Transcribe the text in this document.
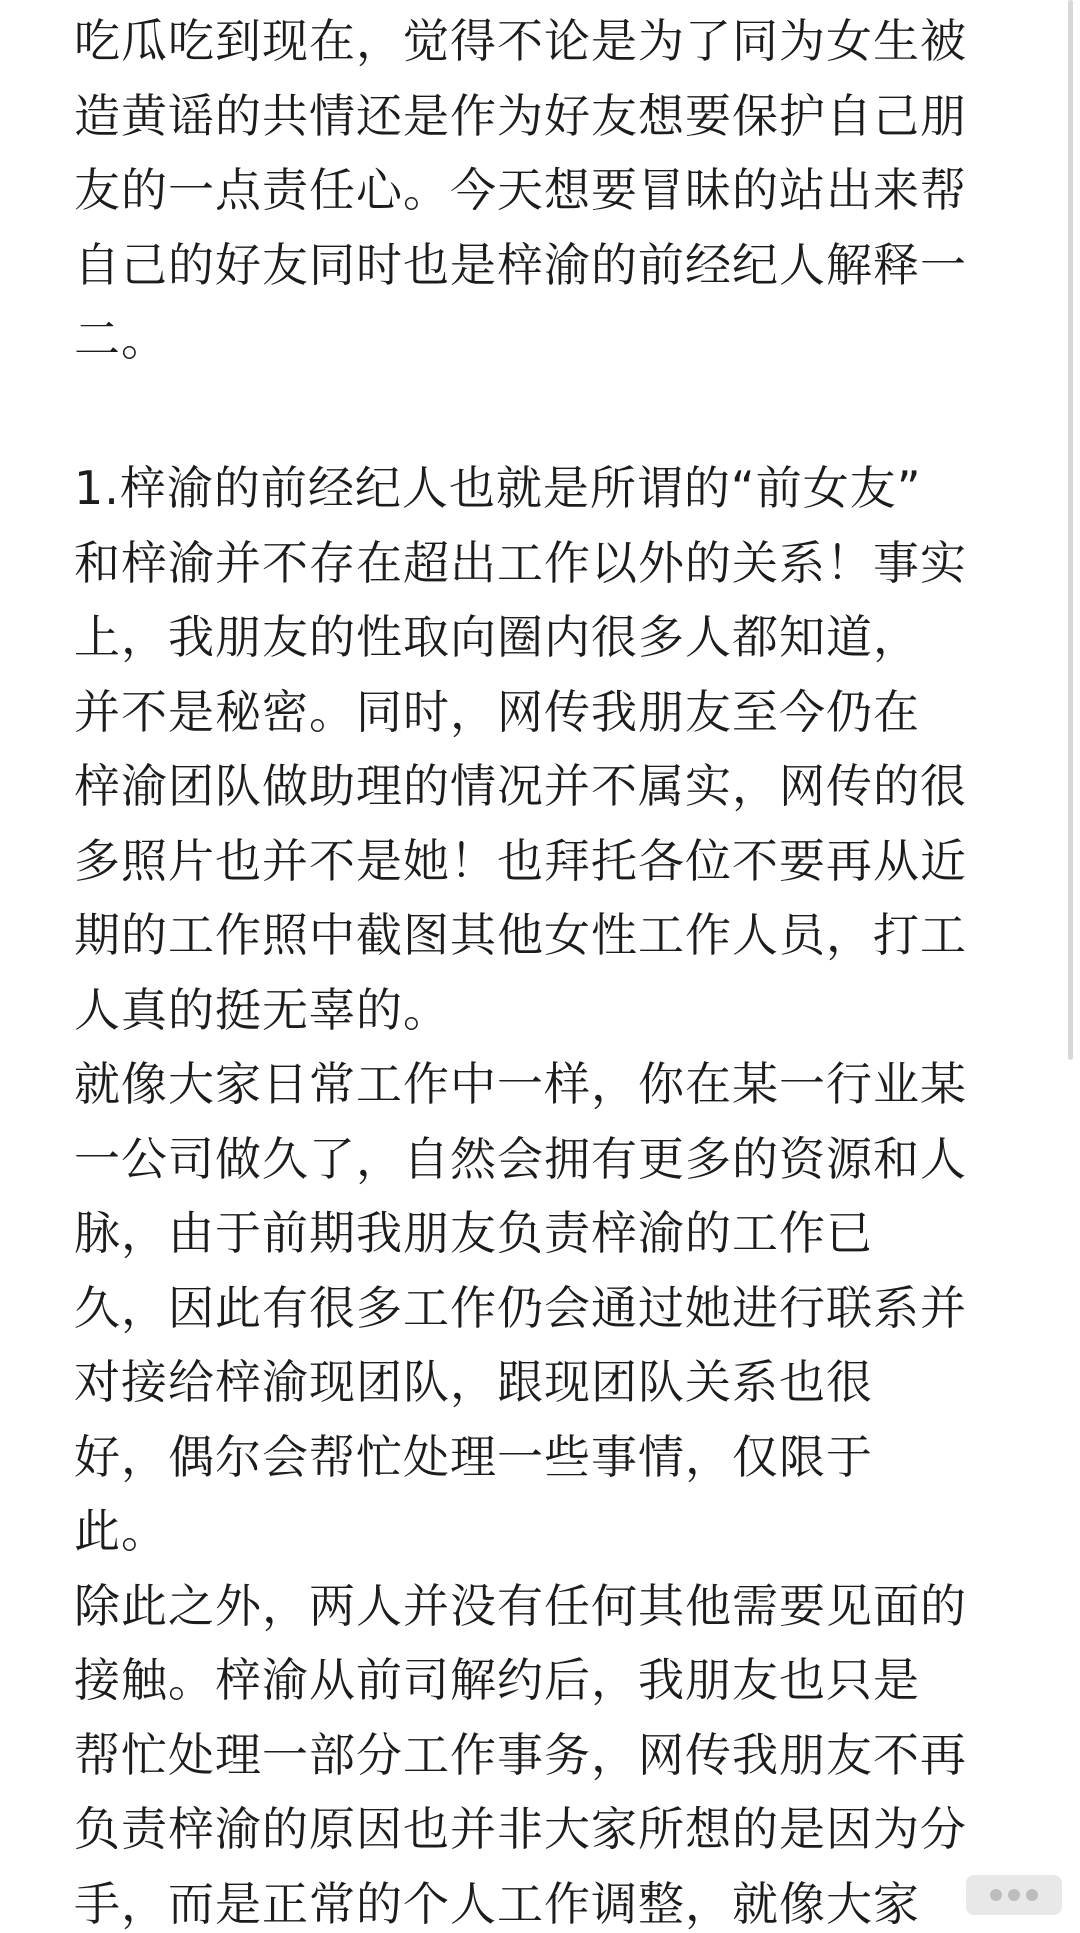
吃瓜吃到现在，觉得不论是为了同为女生被
造黄谣的共情还是作为好友想要保护自己朋
友的一点责任心。今天想要冒昧的站出来帮
自己的好友同时也是梓渝的前经纪人解释一
二。
1.梓渝的前经纪人也就是所谓的“前女友”
和梓渝并不存在超出工作以外的关系！事实
上，我朋友的性取向圈内很多人都知道，
并不是秘密。同时，网传我朋友至今仍在
梓渝团队做助理的情况并不属实，网传的很
多照片也并不是她！也拜托各位不要再从近
期的工作照中截图其他女性工作人员，打工
人真的挺无辜的。
就像大家日常工作中一样，你在某一行业某
一公司做久了，自然会拥有更多的资源和人
脉，由于前期我朋友负责梓渝的工作已
久，因此有很多工作仍会通过她进行联系并
对接给梓渝现团队，跟现团队关系也很
好，偶尔会帮忙处理一些事情，仅限于
此。
除此之外，两人并没有任何其他需要见面的
接触。梓渝从前司解约后，我朋友也只是
帮忙处理一部分工作事务，网传我朋友不再
负责梓渝的原因也并非大家所想的是因为分
手，而是正常的个人工作调整，就像大家
